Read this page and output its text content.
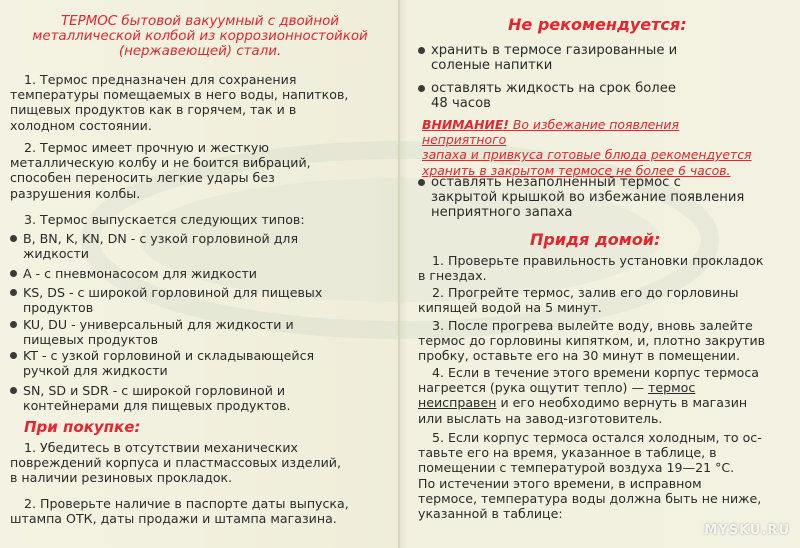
ТЕРМОС бытовой вакуумный с двойной
металлической колбой из коррозионностойкой
(нержавеющей) стали.
1. Термос предназначен для сохранения
температуры помещаемых в него воды, напитков,
пищевых продуктов как в горячем, так и в
холодном состоянии.
2. Термос имеет прочную и жесткую
металлическую колбу и не боится вибраций,
способен переносить легкие удары без
разрушения колбы.
3. Термос выпускается следующих типов:
B, BN, K, KN, DN - с узкой горловиной для
жидкости
A - с пневмонасосом для жидкости
KS, DS - с широкой горловиной для пищевых
продуктов
KU, DU - универсальный для жидкости и
пищевых продуктов
KT - с узкой горловиной и складывающейся
ручкой для жидкости
SN, SD и SDR - с широкой горловиной и
контейнерами для пищевых продуктов.
При покупке:
1. Убедитесь в отсутствии механических
повреждений корпуса и пластмассовых изделий,
в наличии резиновых прокладок.
2. Проверьте наличие в паспорте даты выпуска,
штампа ОТК, даты продажи и штампа магазина.
Не рекомендуется:
хранить в термосе газированные и
соленые напитки
оставлять жидкость на срок более
48 часов
ВНИМАНИЕ! Во избежание появления неприятного
запаха и привкуса готовые блюда рекомендуется
хранить в закрытом термосе не более 6 часов.
оставлять незаполненный термос с
закрытой крышкой во избежание появления
неприятного запаха
Придя домой:
1. Проверьте правильность установки прокладок
в гнездах.
2. Прогрейте термос, залив его до горловины
кипящей водой на 5 минут.
3. После прогрева вылейте воду, вновь залейте
термос до горловины кипятком, и, плотно закрутив
пробку, оставьте его на 30 минут в помещении.
4. Если в течение этого времени корпус термоса
нагреется (рука ощутит тепло) — термос
неисправен и его необходимо вернуть в магазин
или выслать на завод-изготовитель.
5. Если корпус термоса остался холодным, то ос-
тавьте его на время, указанное в таблице, в
помещении с температурой воздуха 19—21 °С.
По истечении этого времени, в исправном
термосе, температура воды должна быть не ниже,
указанной в таблице:
MYSKU.RU
